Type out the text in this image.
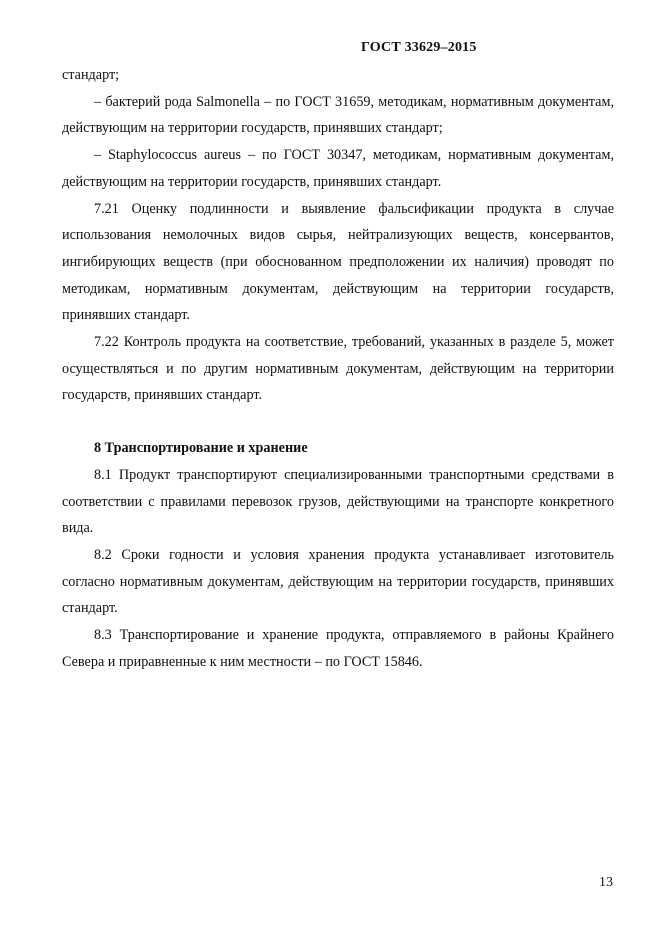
ГОСТ 33629–2015

стандарт;

– бактерий рода Salmonella – по ГОСТ 31659, методикам, нормативным документам, действующим на территории государств, принявших стандарт;

– Staphylococcus aureus – по ГОСТ 30347, методикам, нормативным документам, действующим на территории государств, принявших стандарт.

7.21 Оценку подлинности и выявление фальсификации продукта в случае использования немолочных видов сырья, нейтрализующих веществ, консервантов, ингибирующих веществ (при обоснованном предположении их наличия) проводят по методикам, нормативным документам, действующим на территории государств, принявших стандарт.

7.22 Контроль продукта на соответствие, требований, указанных в разделе 5, может осуществляться и по другим нормативным документам, действующим на территории государств, принявших стандарт.

8 Транспортирование и хранение

8.1 Продукт транспортируют специализированными транспортными средствами в соответствии с правилами перевозок грузов, действующими на транспорте конкретного вида.

8.2 Сроки годности и условия хранения продукта устанавливает изготовитель согласно нормативным документам, действующим на территории государств, принявших стандарт.

8.3 Транспортирование и хранение продукта, отправляемого в районы Крайнего Севера и приравненные к ним местности – по ГОСТ 15846.

13
